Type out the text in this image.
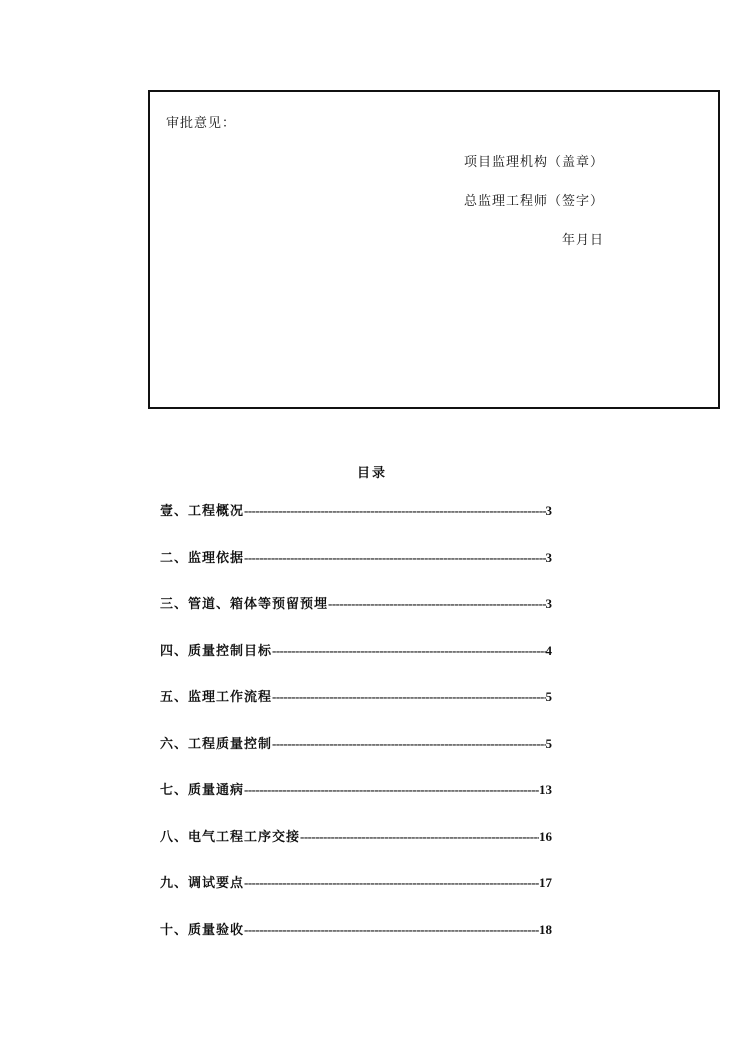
审批意见：
项目监理机构（盖章）
总监理工程师（签字）
年月日
目录
壹、工程概况 -----	3
二、监理依据 -----	3
三、管道、箱体等预留预埋 -----	3
四、质量控制目标 -----	4
五、监理工作流程 -----	5
六、工程质量控制 -----	5
七、质量通病 -----	13
八、电气工程工序交接 -----	16
九、调试要点 -----	17
十、质量验收 -----	18
